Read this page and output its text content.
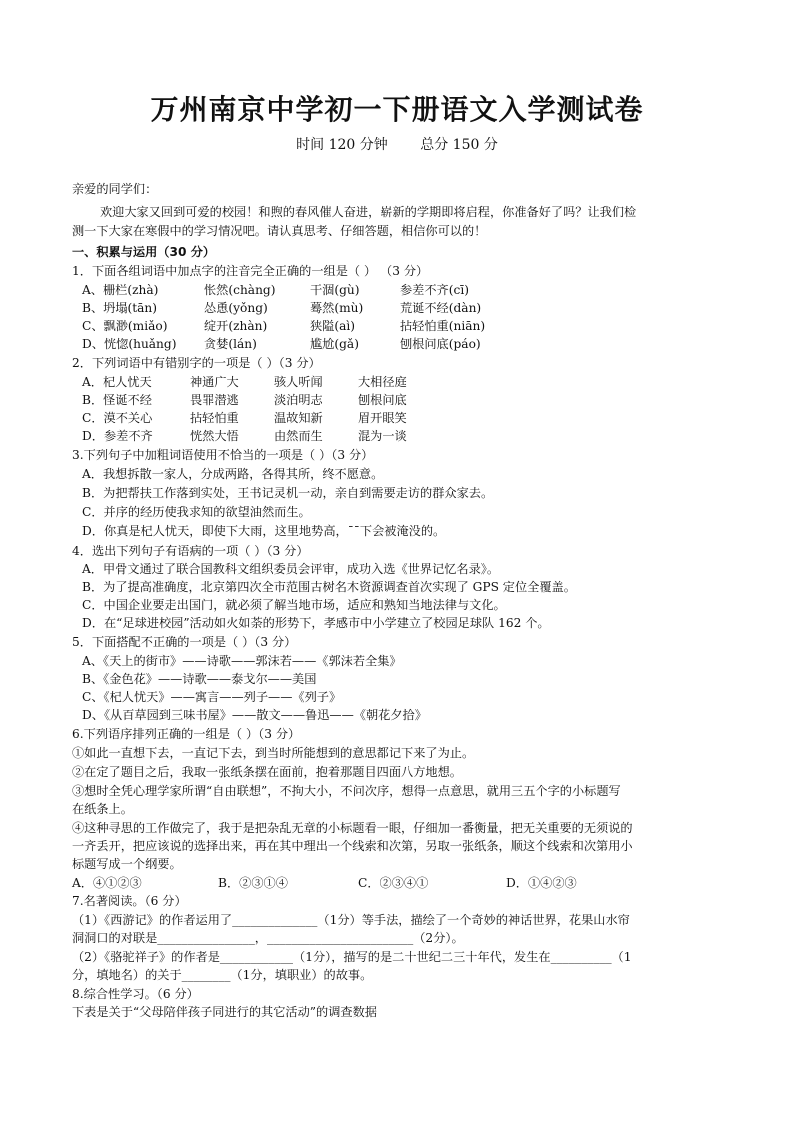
万州南京中学初一下册语文入学测试卷
时间 120 分钟 总分 150 分
亲爱的同学们：
欢迎大家又回到可爱的校园！和煦的春风催人奋进，崭新的学期即将启程，你准备好了吗？让我们检
测一下大家在寒假中的学习情况吧。请认真思考、仔细答题，相信你可以的！
一、积累与运用（30 分）
1．下面各组词语中加点字的注音完全正确的一组是（ ） （3 分）
A、栅栏(zhà)	怅然(chàng)	干涸(gù)	参差不齐(cī)
B、坍塌(tān)	怂恿(yǒng)	蓦然(mù)	荒诞不经(dàn)
C、飘渺(miǎo)	绽开(zhàn)	狭隘(aì)	拈轻怕重(niān)
D、恍惚(huǎng) 贪婪(lán)	尴尬(gǎ)	刨根问底(páo)
2．下列词语中有错别字的一项是（ ）（3 分）
A．杞人忧天	神通广大	骇人听闻	大相径庭
B．怪诞不经	畏罪潜逃	淡泊明志	刨根问底
C．漠不关心	拈轻怕重	温故知新	眉开眼笑
D．参差不齐	恍然大悟	由然而生	混为一谈
3.下列句子中加粗词语使用不恰当的一项是（ ）（3 分）
A．我想拆散一家人，分成两路，各得其所，终不愿意。
B．为把帮扶工作落到实处，王书记灵机一动，亲自到需要走访的群众家去。
C．并序的经历使我求知的欲望油然而生。
D．你真是杞人忧天，即使下大雨，这里地势高，¯¯下会被淹没的。
4．选出下列句子有语病的一项（ ）（3 分）
A．甲骨文通过了联合国教科文组织委员会评审，成功入选《世界记忆名录》。
B．为了提高准确度，北京第四次全市范围古树名木资源调查首次实现了 GPS 定位全覆盖。
C．中国企业要走出国门，就必须了解当地市场，适应和熟知当地法律与文化。
D．在“足球进校园”活动如火如荼的形势下，孝感市中小学建立了校园足球队 162 个。
5．下面搭配不正确的一项是（ ）（3 分）
A、《天上的街市》——诗歌——郭沫若——《郭沫若全集》
B、《金色花》——诗歌——泰戈尔——美国
C、《杞人忧天》——寓言——列子——《列子》
D、《从百草园到三味书屋》——散文——鲁迅——《朝花夕拾》
6.下列语序排列正确的一组是（ ）（3 分）
①如此一直想下去，一直记下去，到当时所能想到的意思都记下来了为止。
②在定了题目之后，我取一张纸条摆在面前，抱着那题目四面八方地想。
③想时全凭心理学家所谓“自由联想”，不拘大小，不问次序，想得一点意思，就用三五个字的小标题写
在纸条上。
④这种寻思的工作做完了，我于是把杂乱无章的小标题看一眼，仔细加一番衡量，把无关重要的无须说的
一齐丢开，把应该说的选择出来，再在其中理出一个线索和次第，另取一张纸条，顺这个线索和次第用小
标题写成一个纲要。
A．④①②③	B．②③①④	C．②③④①	D．①④②③
7.名著阅读。（6 分）
（1）《西游记》的作者运用了______________（1分）等手法，描绘了一个奇妙的神话世界，花果山水帘
洞洞口的对联是________________，________________________（2分）。
（2）《骆驼祥子》的作者是____________（1分），描写的是二十世纪二三十年代，发生在__________（1
分，填地名）的关于________（1分，填职业）的故事。
8.综合性学习。（6 分）
下表是关于“父母陪伴孩子同进行的其它活动”的调查数据
